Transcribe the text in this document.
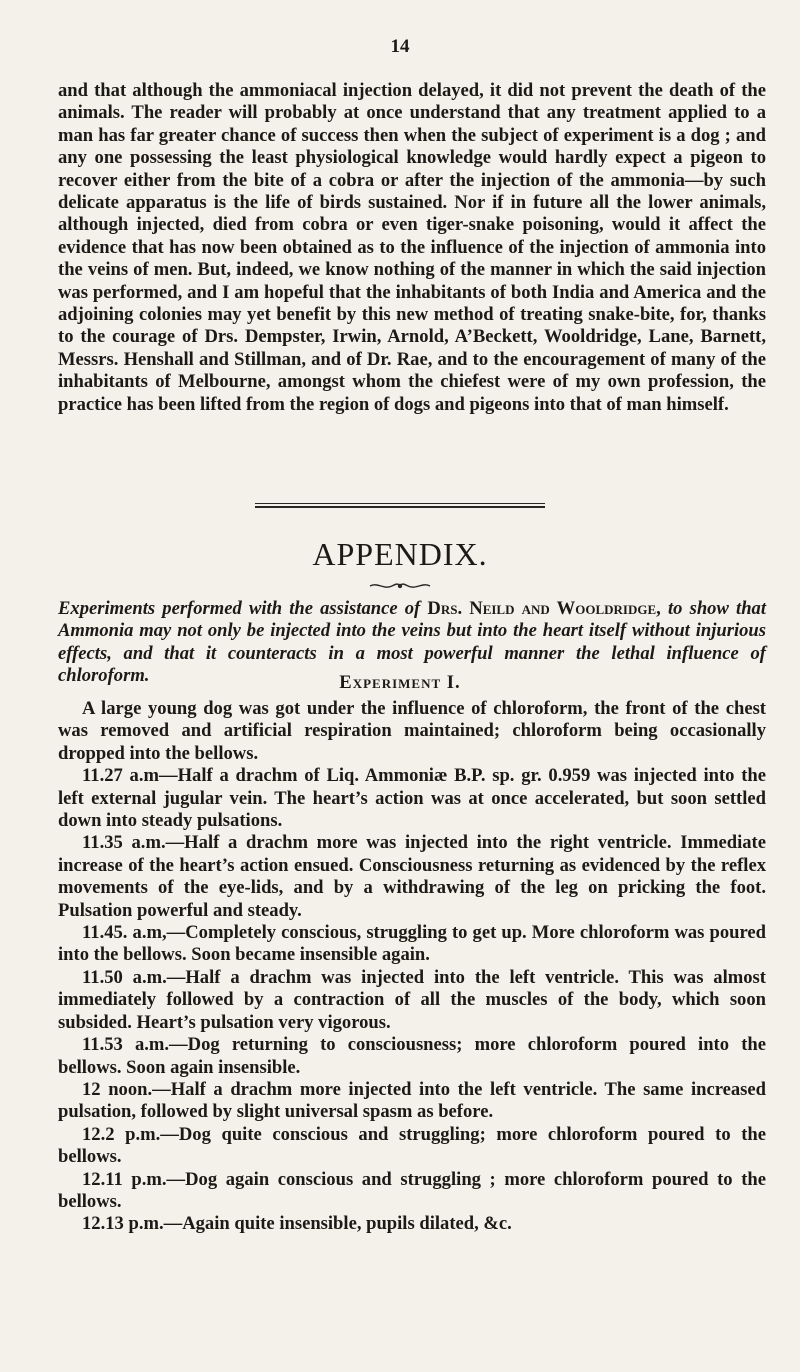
14

and that although the ammoniacal injection delayed, it did not prevent the death of the animals. The reader will probably at once understand that any treatment applied to a man has far greater chance of success then when the subject of experiment is a dog ; and any one possessing the least physiological knowledge would hardly expect a pigeon to recover either from the bite of a cobra or after the injection of the ammonia—by such delicate apparatus is the life of birds sustained. Nor if in future all the lower animals, although injected, died from cobra or even tiger-snake poisoning, would it affect the evidence that has now been obtained as to the influence of the injection of ammonia into the veins of men. But, indeed, we know nothing of the manner in which the said injection was performed, and I am hopeful that the inhabitants of both India and America and the adjoining colonies may yet benefit by this new method of treating snake-bite, for, thanks to the courage of Drs. Dempster, Irwin, Arnold, A’Beckett, Wooldridge, Lane, Barnett, Messrs. Henshall and Stillman, and of Dr. Rae, and to the encouragement of many of the inhabitants of Melbourne, amongst whom the chiefest were of my own profession, the practice has been lifted from the region of dogs and pigeons into that of man himself.

APPENDIX.
Experiments performed with the assistance of Drs. Neild and Wooldridge, to show that Ammonia may not only be injected into the veins but into the heart itself without injurious effects, and that it counteracts in a most powerful manner the lethal influence of chloroform.	Experiment I.

A large young dog was got under the influence of chloroform, the front of the chest was removed and artificial respiration maintained; chloroform being occasionally dropped into the bellows.

11.27 a.m—Half a drachm of Liq. Ammoniæ B.P. sp. gr. 0.959 was injected into the left external jugular vein. The heart’s action was at once accelerated, but soon settled down into steady pulsations.

11.35 a.m.—Half a drachm more was injected into the right ventricle. Immediate increase of the heart’s action ensued. Consciousness returning as evidenced by the reflex movements of the eye-lids, and by a withdrawing of the leg on pricking the foot. Pulsation powerful and steady.

11.45. a.m,—Completely conscious, struggling to get up. More chloroform was poured into the bellows. Soon became insensible again.

11.50 a.m.—Half a drachm was injected into the left ventricle. This was almost immediately followed by a contraction of all the muscles of the body, which soon subsided. Heart’s pulsation very vigorous.

11.53 a.m.—Dog returning to consciousness; more chloroform poured into the bellows. Soon again insensible.

12 noon.—Half a drachm more injected into the left ventricle. The same increased pulsation, followed by slight universal spasm as before.

12.2 p.m.—Dog quite conscious and struggling; more chloroform poured to the bellows.

12.11 p.m.—Dog again conscious and struggling ; more chloroform poured to the bellows.

12.13 p.m.—Again quite insensible, pupils dilated, &c.
